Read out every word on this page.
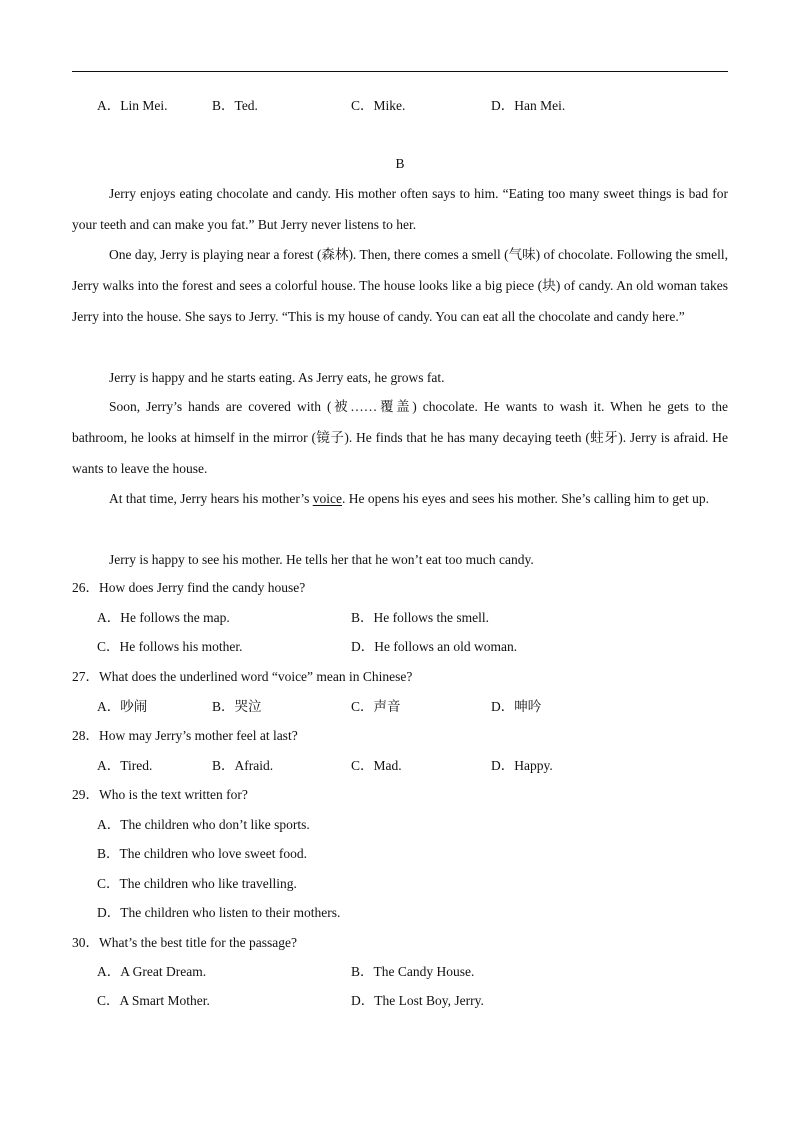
A．Lin Mei.	B．Ted.	C．Mike.	D．Han Mei.
B

Jerry enjoys eating chocolate and candy. His mother often says to him. “Eating too many sweet things is bad for your teeth and can make you fat.” But Jerry never listens to her.

One day, Jerry is playing near a forest (森林). Then, there comes a smell (气味) of chocolate. Following the smell, Jerry walks into the forest and sees a colorful house. The house looks like a big piece (块) of candy. An old woman takes Jerry into the house. She says to Jerry. “This is my house of candy. You can eat all the chocolate and candy here.”

Jerry is happy and he starts eating. As Jerry eats, he grows fat.

Soon, Jerry’s hands are covered with (被……覆盖) chocolate. He wants to wash it. When he gets to the bathroom, he looks at himself in the mirror (镜子). He finds that he has many decaying teeth (蛀牙). Jerry is afraid. He wants to leave the house.

At that time, Jerry hears his mother’s voice. He opens his eyes and sees his mother. She’s calling him to get up.

Jerry is happy to see his mother. He tells her that he won’t eat too much candy.

26．How does Jerry find the candy house?
A．He follows the map.	B．He follows the smell.
C．He follows his mother.	D．He follows an old woman.
27．What does the underlined word “voice” mean in Chinese?
A．吵闹	B．哭泣	C．声音	D．呻吟
28．How may Jerry’s mother feel at last?
A．Tired.	B．Afraid.	C．Mad.	D．Happy.
29．Who is the text written for?
A．The children who don’t like sports.
B．The children who love sweet food.
C．The children who like travelling.
D．The children who listen to their mothers.
30．What’s the best title for the passage?
A．A Great Dream.	B．The Candy House.
C．A Smart Mother.	D．The Lost Boy, Jerry.
